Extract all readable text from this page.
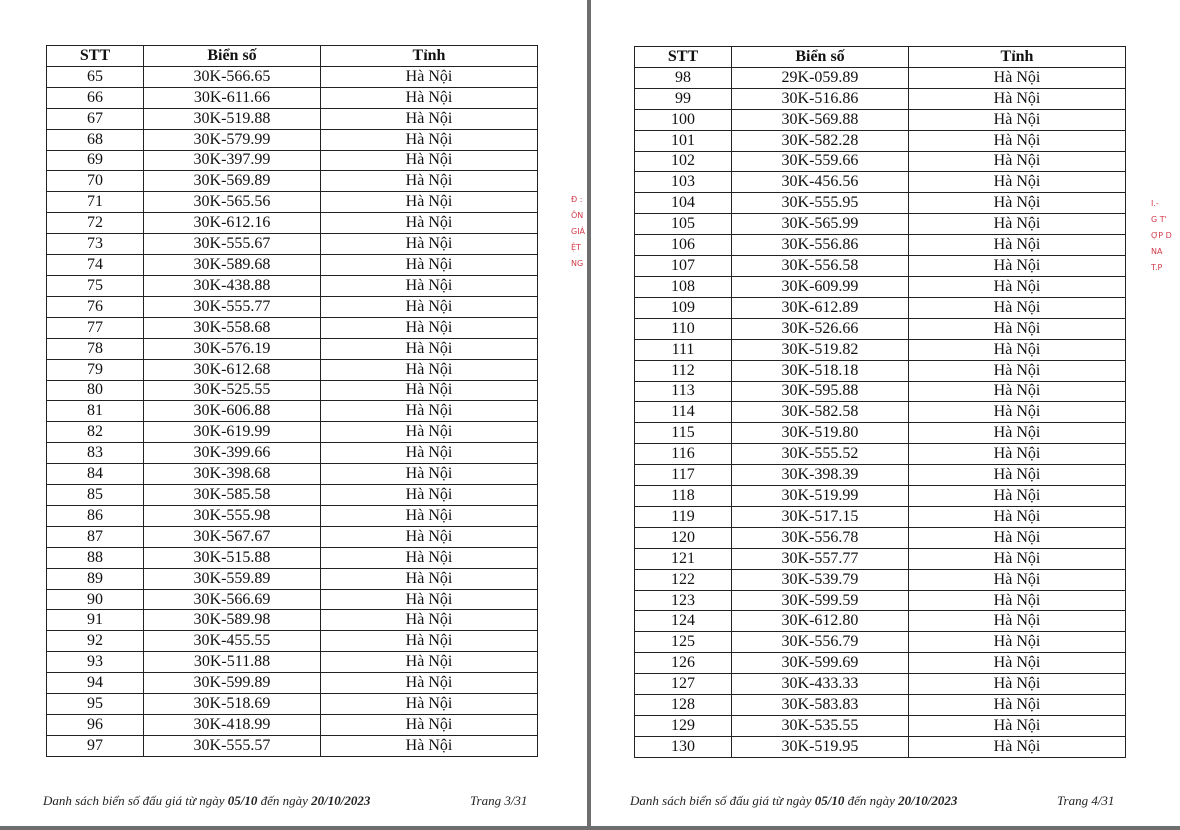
STT	Biển số	Tỉnh
65	30K-566.65	Hà Nội
66	30K-611.66	Hà Nội
67	30K-519.88	Hà Nội
68	30K-579.99	Hà Nội
69	30K-397.99	Hà Nội
70	30K-569.89	Hà Nội
71	30K-565.56	Hà Nội
72	30K-612.16	Hà Nội
73	30K-555.67	Hà Nội
74	30K-589.68	Hà Nội
75	30K-438.88	Hà Nội
76	30K-555.77	Hà Nội
77	30K-558.68	Hà Nội
78	30K-576.19	Hà Nội
79	30K-612.68	Hà Nội
80	30K-525.55	Hà Nội
81	30K-606.88	Hà Nội
82	30K-619.99	Hà Nội
83	30K-399.66	Hà Nội
84	30K-398.68	Hà Nội
85	30K-585.58	Hà Nội
86	30K-555.98	Hà Nội
87	30K-567.67	Hà Nội
88	30K-515.88	Hà Nội
89	30K-559.89	Hà Nội
90	30K-566.69	Hà Nội
91	30K-589.98	Hà Nội
92	30K-455.55	Hà Nội
93	30K-511.88	Hà Nội
94	30K-599.89	Hà Nội
95	30K-518.69	Hà Nội
96	30K-418.99	Hà Nội
97	30K-555.57	Hà Nội
Danh sách biển số đấu giá từ ngày 05/10 đến ngày 20/10/2023	Trang 3/31
Ð :
ÔN
GIÁ
ỆT
NG
STT	Biển số	Tỉnh
98	29K-059.89	Hà Nội
99	30K-516.86	Hà Nội
100	30K-569.88	Hà Nội
101	30K-582.28	Hà Nội
102	30K-559.66	Hà Nội
103	30K-456.56	Hà Nội
104	30K-555.95	Hà Nội
105	30K-565.99	Hà Nội
106	30K-556.86	Hà Nội
107	30K-556.58	Hà Nội
108	30K-609.99	Hà Nội
109	30K-612.89	Hà Nội
110	30K-526.66	Hà Nội
111	30K-519.82	Hà Nội
112	30K-518.18	Hà Nội
113	30K-595.88	Hà Nội
114	30K-582.58	Hà Nội
115	30K-519.80	Hà Nội
116	30K-555.52	Hà Nội
117	30K-398.39	Hà Nội
118	30K-519.99	Hà Nội
119	30K-517.15	Hà Nội
120	30K-556.78	Hà Nội
121	30K-557.77	Hà Nội
122	30K-539.79	Hà Nội
123	30K-599.59	Hà Nội
124	30K-612.80	Hà Nội
125	30K-556.79	Hà Nội
126	30K-599.69	Hà Nội
127	30K-433.33	Hà Nội
128	30K-583.83	Hà Nội
129	30K-535.55	Hà Nội
130	30K-519.95	Hà Nội
Danh sách biển số đấu giá từ ngày 05/10 đến ngày 20/10/2023	Trang 4/31
I.-
G T'
ỢP D
NA
T.P
